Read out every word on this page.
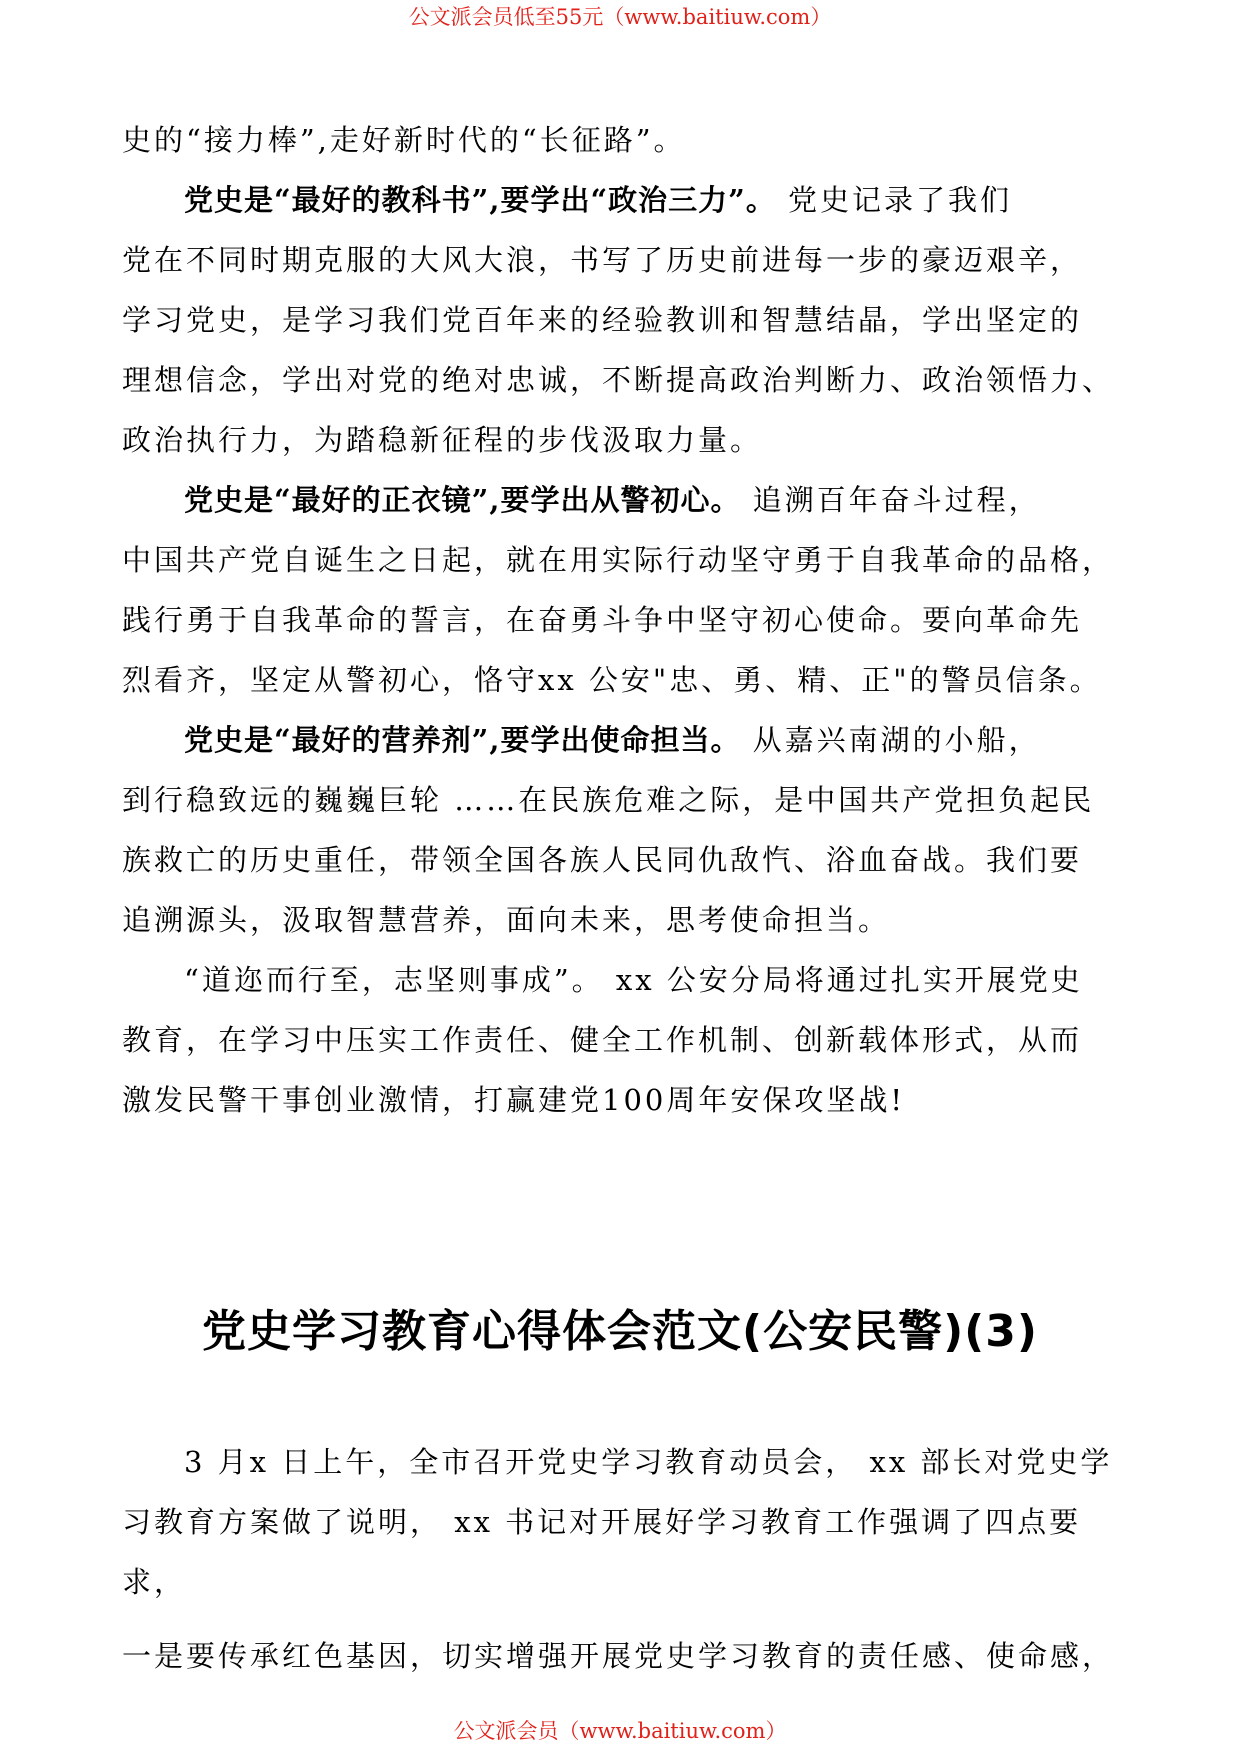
公文派会员低至55元（www.baitiuw.com）
史的“接力棒”,走好新时代的“长征路”。
党史是“最好的教科书”,要学出“政治三力”。 党史记录了我们
党在不同时期克服的大风大浪，书写了历史前进每一步的豪迈艰辛，
学习党史，是学习我们党百年来的经验教训和智慧结晶，学出坚定的
理想信念，学出对党的绝对忠诚，不断提高政治判断力、政治领悟力、
政治执行力，为踏稳新征程的步伐汲取力量。
党史是“最好的正衣镜”,要学出从警初心。 追溯百年奋斗过程，
中国共产党自诞生之日起，就在用实际行动坚守勇于自我革命的品格，
践行勇于自我革命的誓言，在奋勇斗争中坚守初心使命。要向革命先
烈看齐，坚定从警初心，恪守xx 公安"忠、勇、精、正"的警员信条。
党史是“最好的营养剂”,要学出使命担当。 从嘉兴南湖的小船，
到行稳致远的巍巍巨轮 ……在民族危难之际，是中国共产党担负起民
族救亡的历史重任，带领全国各族人民同仇敌忾、浴血奋战。我们要
追溯源头，汲取智慧营养，面向未来，思考使命担当。
“道迩而行至，志坚则事成”。 xx 公安分局将通过扎实开展党史
教育，在学习中压实工作责任、健全工作机制、创新载体形式，从而
激发民警干事创业激情，打赢建党100周年安保攻坚战!
党史学习教育心得体会范文(公安民警)(3)
3 月x 日上午，全市召开党史学习教育动员会， xx 部长对党史学
习教育方案做了说明， xx 书记对开展好学习教育工作强调了四点要
求，
一是要传承红色基因，切实增强开展党史学习教育的责任感、使命感，
公文派会员（www.baitiuw.com）
